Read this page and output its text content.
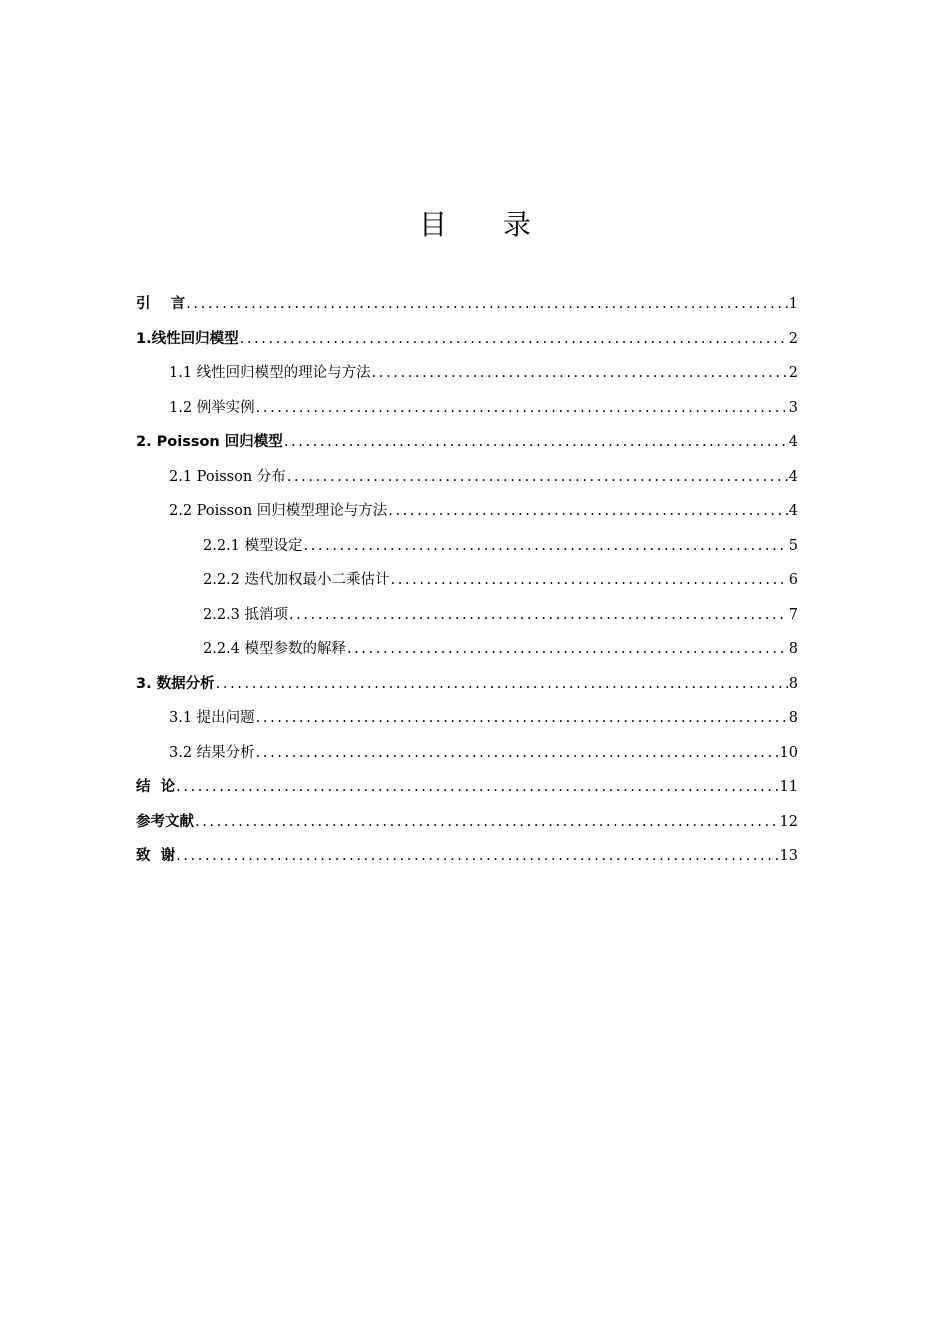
目 录
引    言 .....	1
1.线性回归模型 .....	2
1.1 线性回归模型的理论与方法 .....	2
1.2 例举实例 .....	3
2. Poisson 回归模型 .....	4
2.1 Poisson 分布 .....	4
2.2 Poisson 回归模型理论与方法 .....	4
2.2.1 模型设定 .....	5
2.2.2 迭代加权最小二乘估计 .....	6
2.2.3 抵消项 .....	7
2.2.4 模型参数的解释 .....	8
3. 数据分析 .....	8
3.1 提出问题 .....	8
3.2 结果分析 .....	10
结  论 .....	11
参考文献 .....	12
致  谢 .....	13
